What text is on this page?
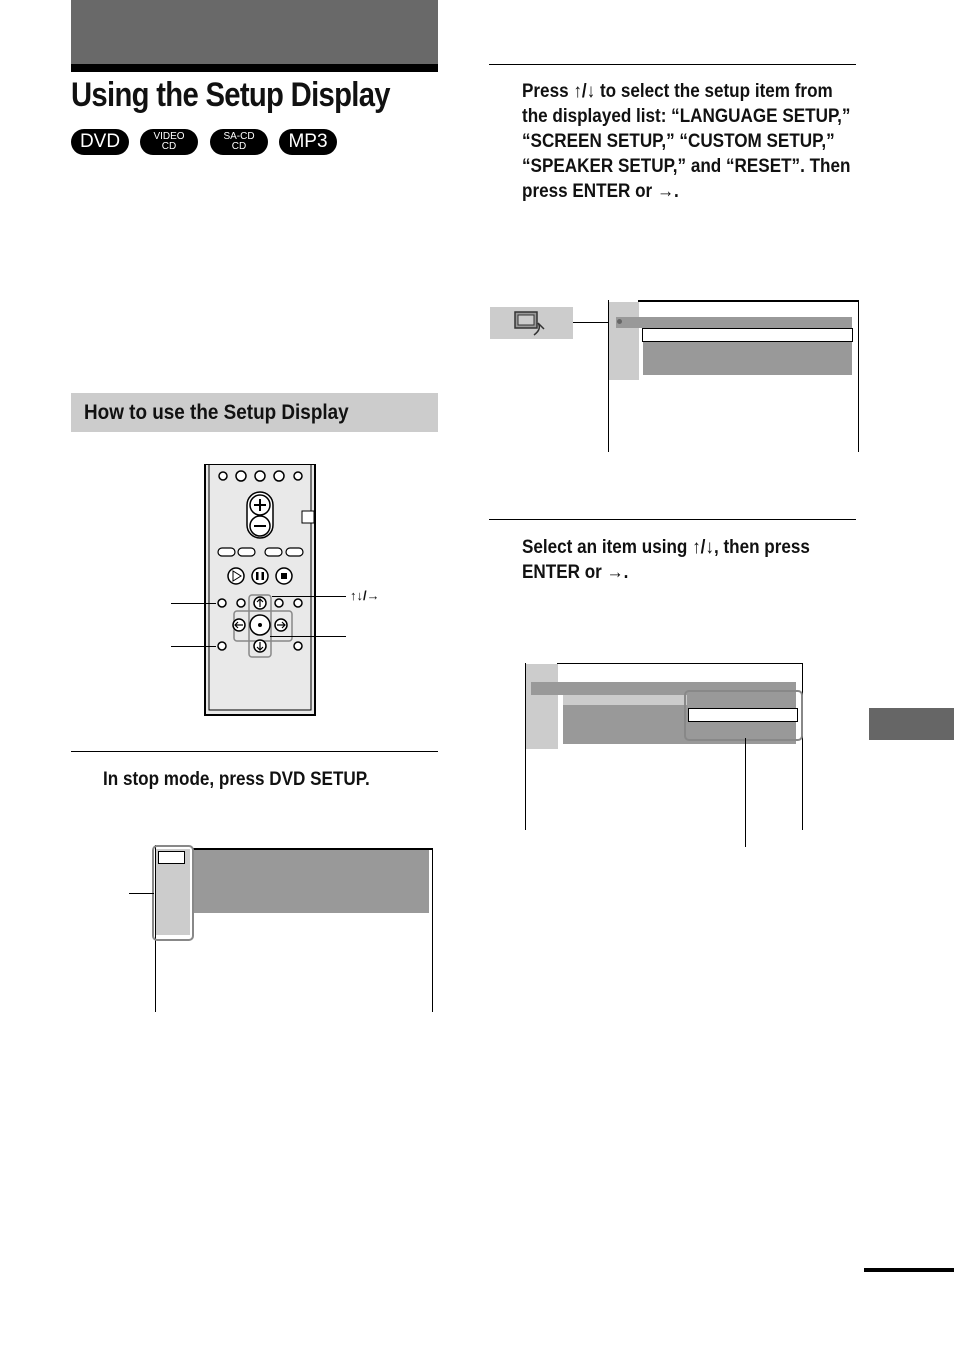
Using the Setup Display
DVD	VIDEO
CD
SA-CD
CD MP3
How to use the Setup Display
↑↓/→

In stop mode, press DVD SETUP.

Press ↑/↓ to select the setup item from the displayed list: “LANGUAGE SETUP,” “SCREEN SETUP,” “CUSTOM SETUP,” “SPEAKER SETUP,” and “RESET”. Then press ENTER or →.

Select an item using ↑/↓, then press ENTER or →.
